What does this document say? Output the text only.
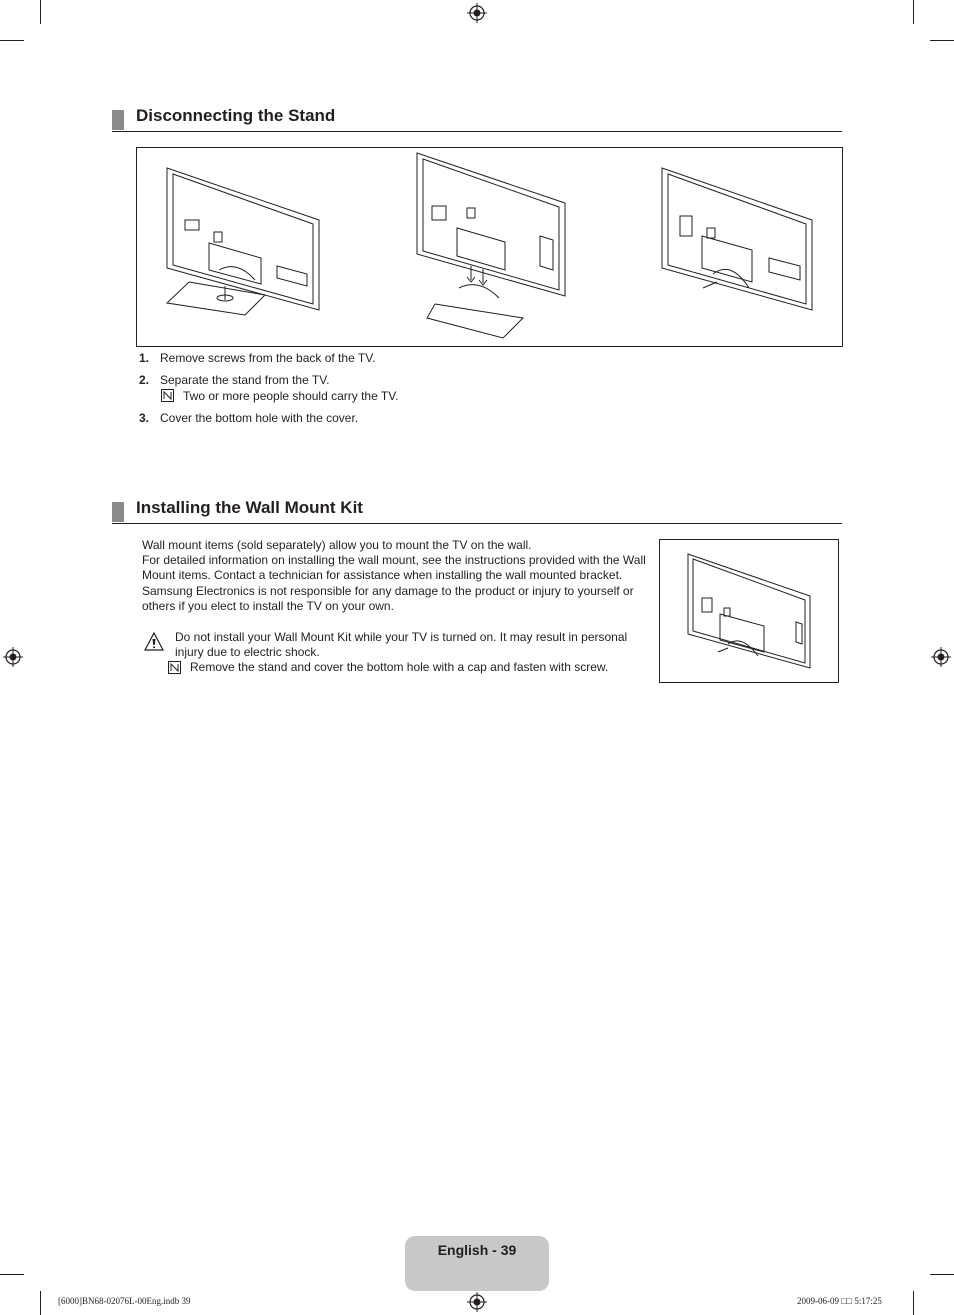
Disconnecting the Stand
1. Remove screws from the back of the TV.
2. Separate the stand from the TV.
Two or more people should carry the TV.
3. Cover the bottom hole with the cover.
Installing the Wall Mount Kit

Wall mount items (sold separately) allow you to mount the TV on the wall.

For detailed information on installing the wall mount, see the instructions provided with the Wall Mount items. Contact a technician for assistance when installing the wall mounted bracket.

Samsung Electronics is not responsible for any damage to the product or injury to yourself or others if you elect to install the TV on your own.

Do not install your Wall Mount Kit while your TV is turned on. It may result in personal injury due to electric shock.
Remove the stand and cover the bottom hole with a cap and fasten with screw.
English - 39
[6000]BN68-02076L-00Eng.indb 39	2009-06-09 □□ 5:17:25
